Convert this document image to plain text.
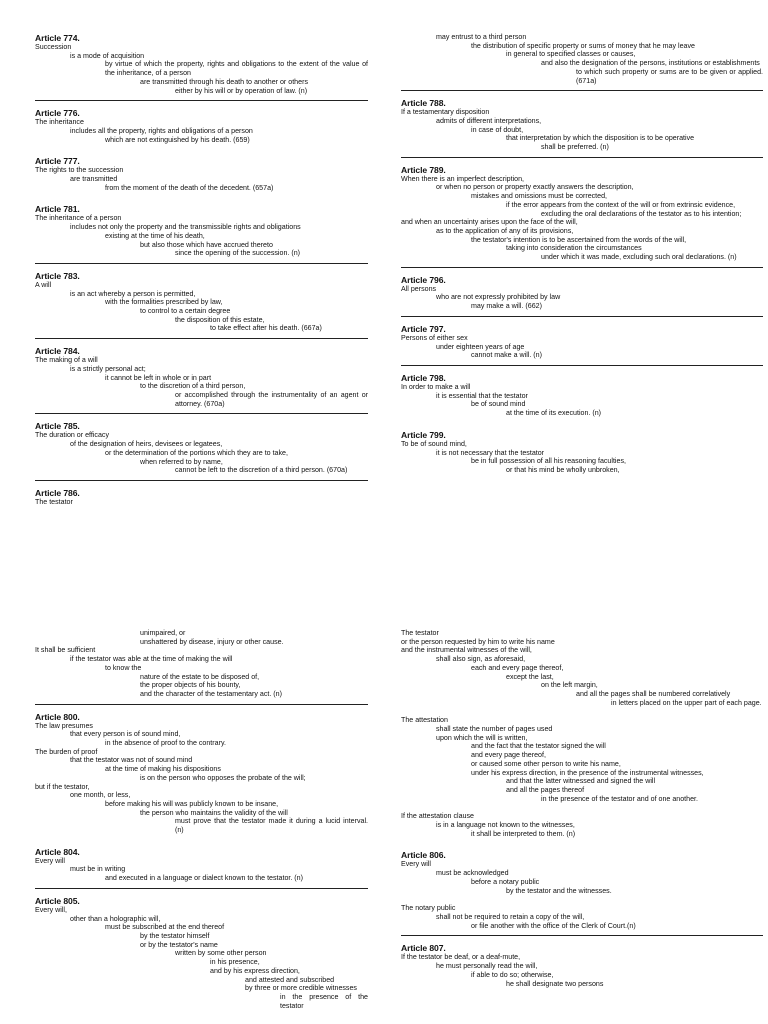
Article 774.
Succession
is a mode of acquisition
by virtue of which the property, rights and obligations to the extent of the value of the inheritance, of a person
are transmitted through his death to another or others
either by his will or by operation of law. (n)
Article 776.
The inheritance
includes all the property, rights and obligations of a person
which are not extinguished by his death. (659)
Article 777.
The rights to the succession
are transmitted
from the moment of the death of the decedent. (657a)
Article 781.
The inheritance of a person
includes not only the property and the transmissible rights and obligations
existing at the time of his death,
but also those which have accrued thereto
since the opening of the succession. (n)
Article 783.
A will
is an act whereby a person is permitted,
with the formalities prescribed by law,
to control to a certain degree
the disposition of this estate,
to take effect after his death. (667a)
Article 784.
The making of a will
is a strictly personal act;
it cannot be left in whole or in part
to the discretion of a third person,
or accomplished through the instrumentality of an agent or attorney. (670a)
Article 785.
The duration or efficacy
of the designation of heirs, devisees or legatees,
or the determination of the portions which they are to take,
when referred to by name,
cannot be left to the discretion of a third person. (670a)
Article 786.
The testator
may entrust to a third person
the distribution of specific property or sums of money that he may leave
in general to specified classes or causes,
and also the designation of the persons, institutions or establishments
to which such property or sums are to be given or applied. (671a)
Article 788.
If a testamentary disposition
admits of different interpretations,
in case of doubt,
that interpretation by which the disposition is to be operative
shall be preferred. (n)
Article 789.
When there is an imperfect description,
or when no person or property exactly answers the description,
mistakes and omissions must be corrected,
if the error appears from the context of the will or from extrinsic evidence,
excluding the oral declarations of the testator as to his intention;
and when an uncertainty arises upon the face of the will,
as to the application of any of its provisions,
the testator's intention is to be ascertained from the words of the will,
taking into consideration the circumstances
under which it was made, excluding such oral declarations. (n)
Article 796.
All persons
who are not expressly prohibited by law
may make a will. (662)
Article 797.
Persons of either sex
under eighteen years of age
cannot make a will. (n)
Article 798.
In order to make a will
it is essential that the testator
be of sound mind
at the time of its execution. (n)
Article 799.
To be of sound mind,
it is not necessary that the testator
be in full possession of all his reasoning faculties,
or that his mind be wholly unbroken,
unimpaired, or
unshattered by disease, injury or other cause.
It shall be sufficient
if the testator was able at the time of making the will
to know the
nature of the estate to be disposed of,
the proper objects of his bounty,
and the character of the testamentary act. (n)
Article 800.
The law presumes
that every person is of sound mind,
in the absence of proof to the contrary.
The burden of proof
that the testator was not of sound mind
at the time of making his dispositions
is on the person who opposes the probate of the will;
but if the testator,
one month, or less,
before making his will was publicly known to be insane,
the person who maintains the validity of the will
must prove that the testator made it during a lucid interval. (n)
Article 804.
Every will
must be in writing
and executed in a language or dialect known to the testator. (n)
Article 805.
Every will,
other than a holographic will,
must be subscribed at the end thereof
by the testator himself
or by the testator's name
written by some other person
in his presence,
and by his express direction,
and attested and subscribed
by three or more credible witnesses
in the presence of the testator
The testator
or the person requested by him to write his name
and the instrumental witnesses of the will,
shall also sign, as aforesaid,
each and every page thereof,
except the last,
on the left margin,
and all the pages shall be numbered correlatively
in letters placed on the upper part of each page.
The attestation
shall state the number of pages used
upon which the will is written,
and the fact that the testator signed the will
and every page thereof,
or caused some other person to write his name,
under his express direction, in the presence of the instrumental witnesses,
and that the latter witnessed and signed the will
and all the pages thereof
in the presence of the testator and of one another.
If the attestation clause
is in a language not known to the witnesses,
it shall be interpreted to them. (n)
Article 806.
Every will
must be acknowledged
before a notary public
by the testator and the witnesses.
The notary public
shall not be required to retain a copy of the will,
or file another with the office of the Clerk of Court.(n)
Article 807.
If the testator be deaf, or a deaf-mute,
he must personally read the will,
if able to do so; otherwise,
he shall designate two persons
